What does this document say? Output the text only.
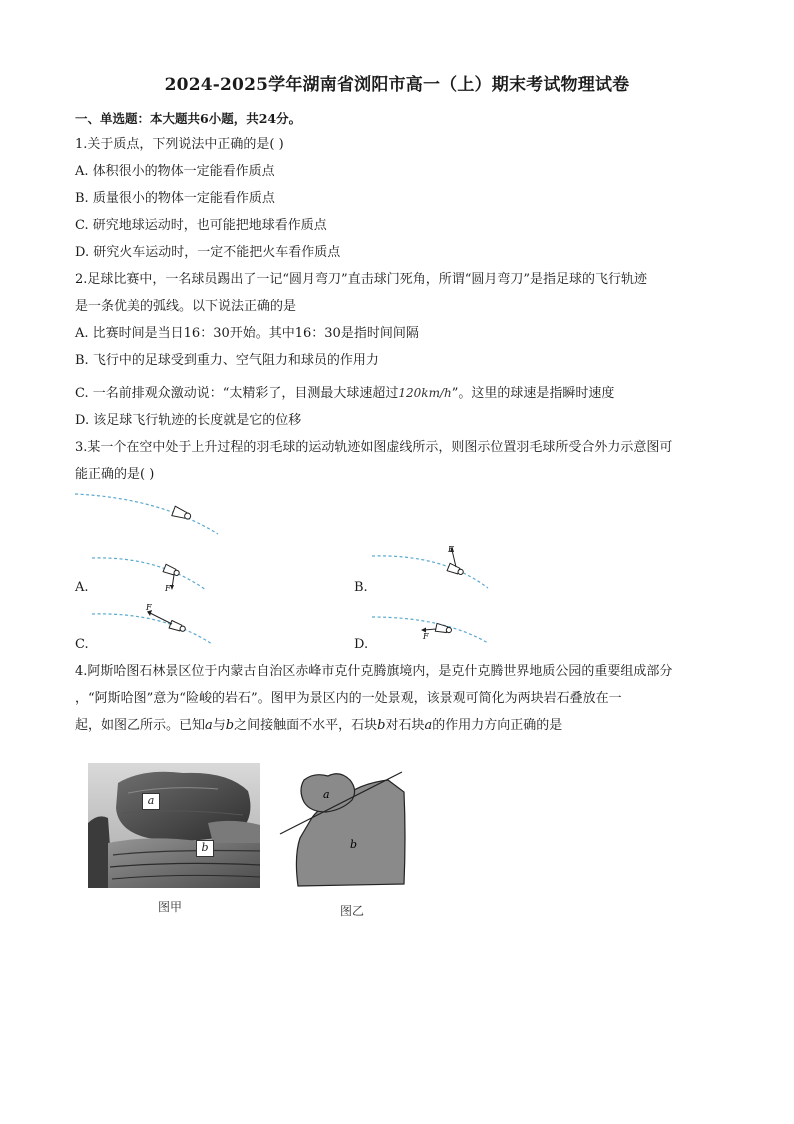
2024-2025学年湖南省浏阳市高一（上）期末考试物理试卷
一、单选题：本大题共6小题，共24分。
1.关于质点，下列说法中正确的是( )
A. 体积很小的物体一定能看作质点
B. 质量很小的物体一定能看作质点
C. 研究地球运动时，也可能把地球看作质点
D. 研究火车运动时，一定不能把火车看作质点
2.足球比赛中，一名球员踢出了一记“圆月弯刀”直击球门死角，所谓“圆月弯刀”是指足球的飞行轨迹
是一条优美的弧线。以下说法正确的是
A. 比赛时间是当日16：30开始。其中16：30是指时间间隔
B. 飞行中的足球受到重力、空气阻力和球员的作用力
C. 一名前排观众激动说：“太精彩了，目测最大球速超过120km/h”。这里的球速是指瞬时速度
D. 该足球飞行轨迹的长度就是它的位移
3.某一个在空中处于上升过程的羽毛球的运动轨迹如图虚线所示，则图示位置羽毛球所受合外力示意图可
能正确的是( )
F
A.
F
B.
F
C.
F
D.
4.阿斯哈图石林景区位于内蒙古自治区赤峰市克什克腾旗境内，是克什克腾世界地质公园的重要组成部分
，“阿斯哈图”意为“险峻的岩石”。图甲为景区内的一处景观，该景观可简化为两块岩石叠放在一
起，如图乙所示。已知a与b之间接触面不水平，石块b对石块a的作用力方向正确的是
a
b
图甲
a
b
图乙
